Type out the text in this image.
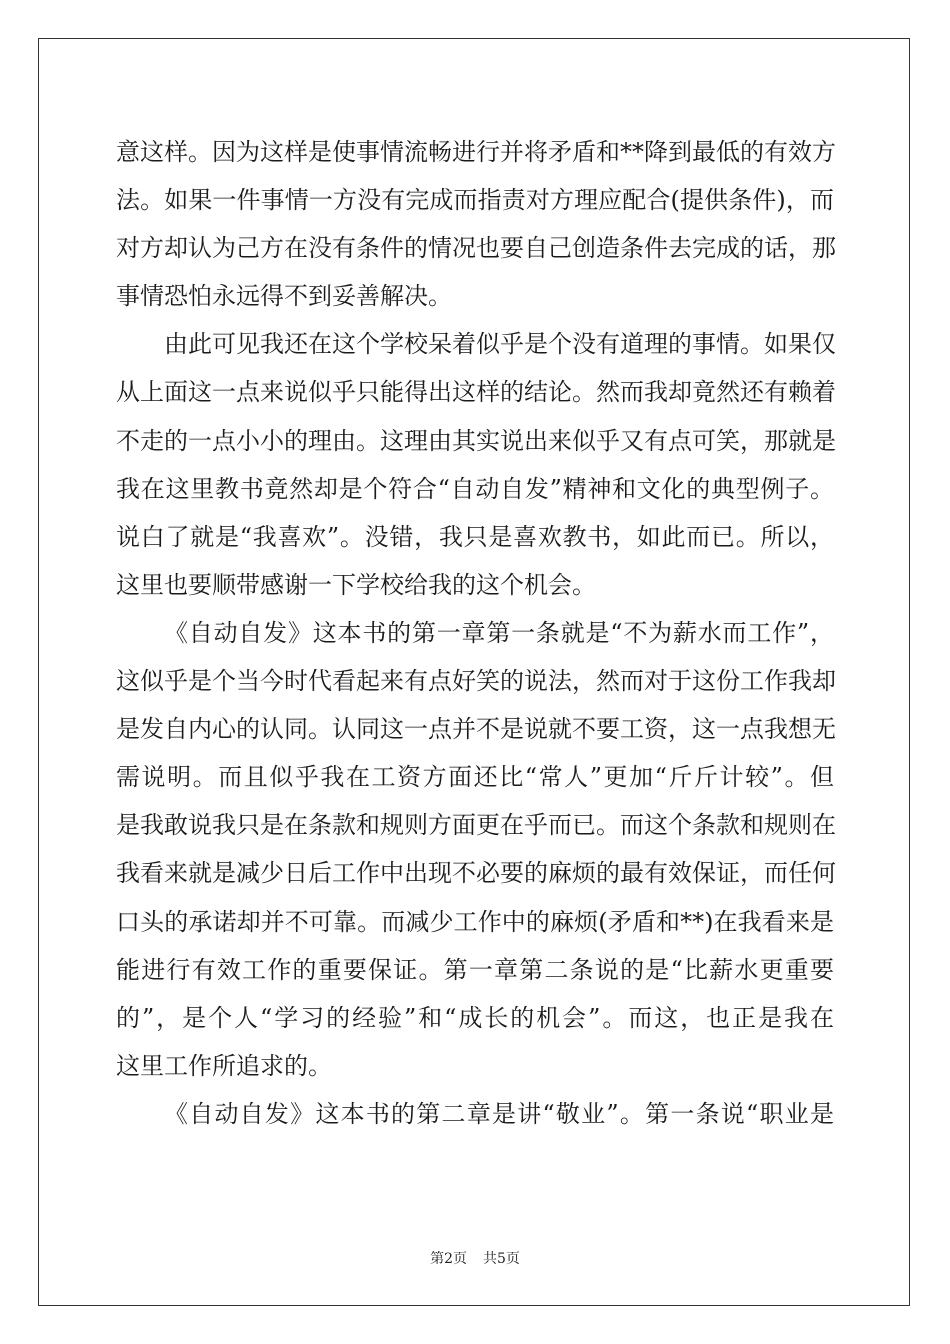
意这样。因为这样是使事情流畅进行并将矛盾和**降到最低的有效方
法。如果一件事情一方没有完成而指责对方理应配合(提供条件)，而
对方却认为己方在没有条件的情况也要自己创造条件去完成的话，那
事情恐怕永远得不到妥善解决。
由此可见我还在这个学校呆着似乎是个没有道理的事情。如果仅
从上面这一点来说似乎只能得出这样的结论。然而我却竟然还有赖着
不走的一点小小的理由。这理由其实说出来似乎又有点可笑，那就是
我在这里教书竟然却是个符合“自动自发”精神和文化的典型例子。
说白了就是“我喜欢”。没错，我只是喜欢教书，如此而已。所以，
这里也要顺带感谢一下学校给我的这个机会。
《自动自发》这本书的第一章第一条就是“不为薪水而工作”，
这似乎是个当今时代看起来有点好笑的说法，然而对于这份工作我却
是发自内心的认同。认同这一点并不是说就不要工资，这一点我想无
需说明。而且似乎我在工资方面还比“常人”更加“斤斤计较”。但
是我敢说我只是在条款和规则方面更在乎而已。而这个条款和规则在
我看来就是减少日后工作中出现不必要的麻烦的最有效保证，而任何
口头的承诺却并不可靠。而减少工作中的麻烦(矛盾和**)在我看来是
能进行有效工作的重要保证。第一章第二条说的是“比薪水更重要
的”，是个人“学习的经验”和“成长的机会”。而这，也正是我在
这里工作所追求的。
《自动自发》这本书的第二章是讲“敬业”。第一条说“职业是
第2页 共5页
